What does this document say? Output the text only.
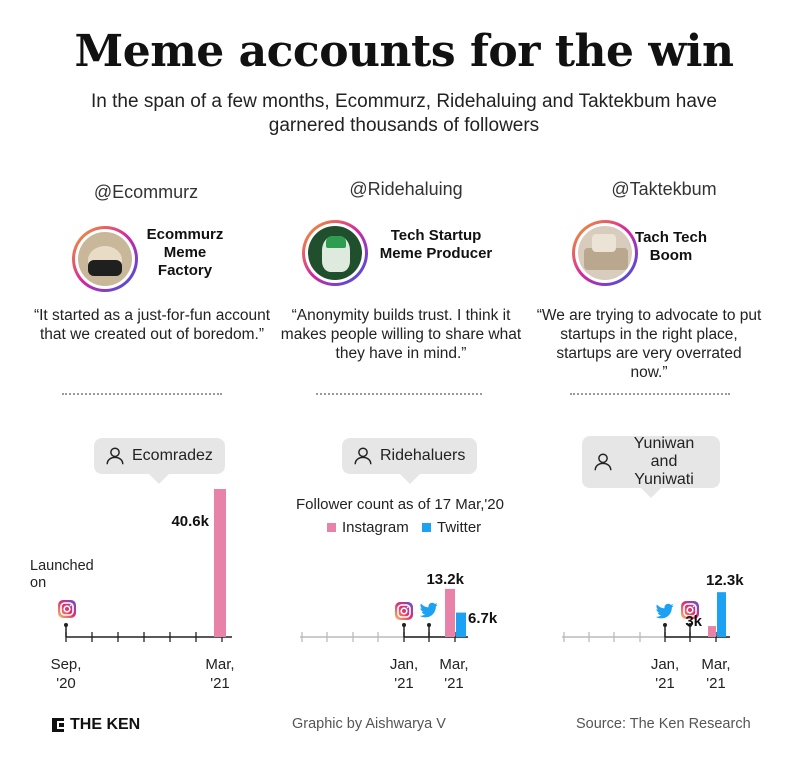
Meme accounts for the win
In the span of a few months, Ecommurz, Ridehaluing and Taktekbum have garnered thousands of followers
@Ecommurz	@Ridehaluing	@Taktekbum
Ecommurz Meme Factory
Tech Startup Meme Producer
Tach Tech Boom
“It started as a just-for-fun account that we created out of boredom.”
“Anonymity builds trust. I think it makes people willing to share what they have in mind.”
“We are trying to advocate to put startups in the right place, startups are very overrated now.”
Ecomradez	Ridehaluers
Yuniwan and Yuniwati
Follower count as of 17 Mar,'20
Instagram Twitter
Launched on
Sep, '20
Mar, '21
40.6k
Jan, '21
Mar, '21
13.2k
6.7k
Jan, '21
Mar, '21
3k
12.3k
THE KEN	Graphic by Aishwarya V	Source: The Ken Research
